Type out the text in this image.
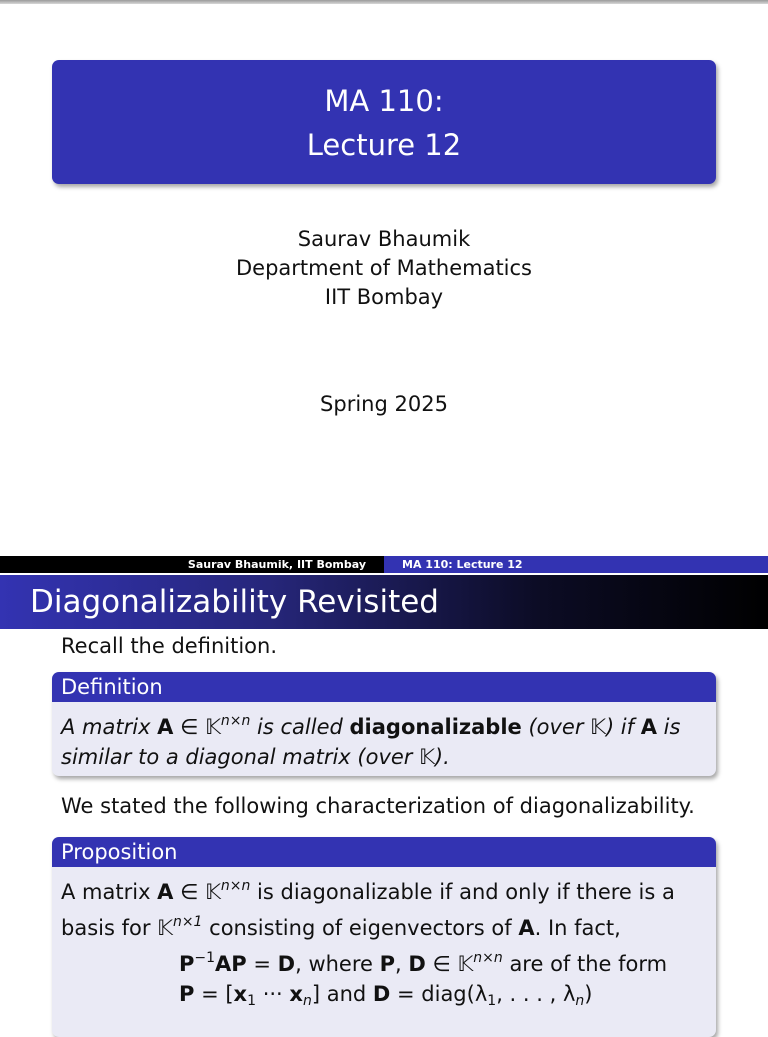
MA 110:
Lecture 12
Saurav Bhaumik
Department of Mathematics
IIT Bombay
Spring 2025
Saurav Bhaumik, IIT Bombay	MA 110: Lecture 12
Diagonalizability Revisited
Recall the definition.
Definition
A matrix A ∈ 𝕂$^{n\times n}$ is called diagonalizable (over 𝕂) if A is
similar to a diagonal matrix (over 𝕂).
We stated the following characterization of diagonalizability.
Proposition
A matrix A ∈ 𝕂$^{n\times n}$ is diagonalizable if and only if there is a
basis for 𝕂$^{n\times 1}$ consisting of eigenvectors of A. In fact,
$P^{-1}AP = D$, where P, D ∈ 𝕂$^{n\times n}$ are of the form
$P = [x_1$ ··· $x_n$] and $D = diag(\lambda_1$, . . . , $\lambda_n$)
